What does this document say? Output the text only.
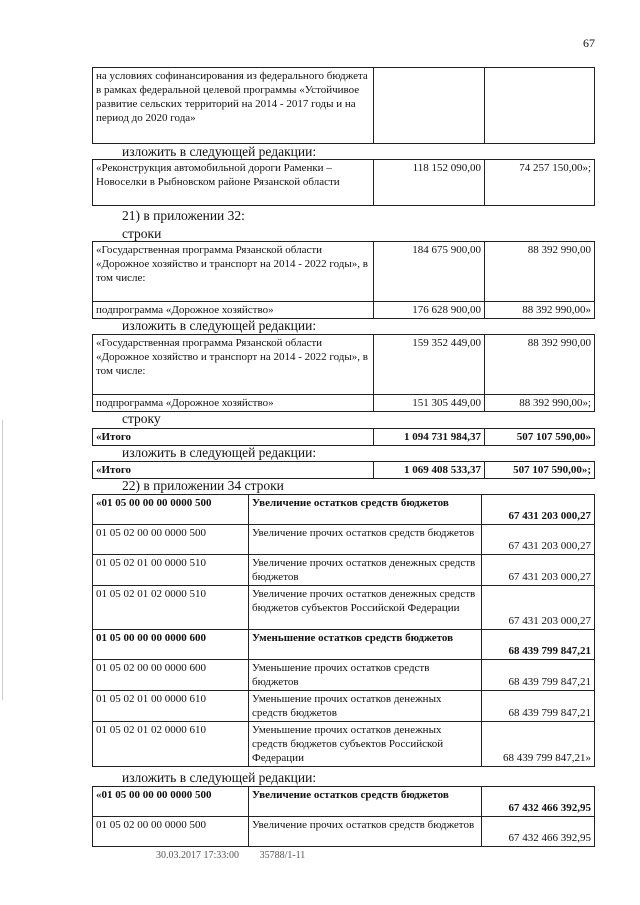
67
на условиях софинансирования из федерального бюджета в рамках федеральной целевой программы «Устойчивое развитие сельских территорий на 2014 - 2017 годы и на период до 2020 года»		
изложить в следующей редакции:
«Реконструкция автомобильной дороги Раменки – Новоселки в Рыбновском районе Рязанской области	118 152 090,00	74 257 150,00»;
21) в приложении 32:
строки
«Государственная программа Рязанской области «Дорожное хозяйство и транспорт на 2014 - 2022 годы», в том числе:	184 675 900,00	88 392 990,00
подпрограмма «Дорожное хозяйство»	176 628 900,00	88 392 990,00»
изложить в следующей редакции:
«Государственная программа Рязанской области «Дорожное хозяйство и транспорт на 2014 - 2022 годы», в том числе:	159 352 449,00	88 392 990,00
подпрограмма «Дорожное хозяйство»	151 305 449,00	88 392 990,00»;
строку
«Итого	1 094 731 984,37	507 107 590,00»
изложить в следующей редакции:
«Итого	1 069 408 533,37	507 107 590,00»;
22) в приложении 34 строки
«01 05 00 00 00 0000 500	Увеличение остатков средств бюджетов	67 431 203 000,27
01 05 02 00 00 0000 500	Увеличение прочих остатков средств бюджетов	67 431 203 000,27
01 05 02 01 00 0000 510	Увеличение прочих остатков денежных средств бюджетов	67 431 203 000,27
01 05 02 01 02 0000 510	Увеличение прочих остатков денежных средств бюджетов субъектов Российской Федерации	67 431 203 000,27
01 05 00 00 00 0000 600	Уменьшение остатков средств бюджетов	68 439 799 847,21
01 05 02 00 00 0000 600	Уменьшение прочих остатков средств бюджетов	68 439 799 847,21
01 05 02 01 00 0000 610	Уменьшение прочих остатков денежных средств бюджетов	68 439 799 847,21
01 05 02 01 02 0000 610	Уменьшение прочих остатков денежных средств бюджетов субъектов Российской Федерации	68 439 799 847,21»
изложить в следующей редакции:
«01 05 00 00 00 0000 500	Увеличение остатков средств бюджетов	67 432 466 392,95
01 05 02 00 00 0000 500	Увеличение прочих остатков средств бюджетов	67 432 466 392,95
30.03.2017 17:33:00 35788/1-11
